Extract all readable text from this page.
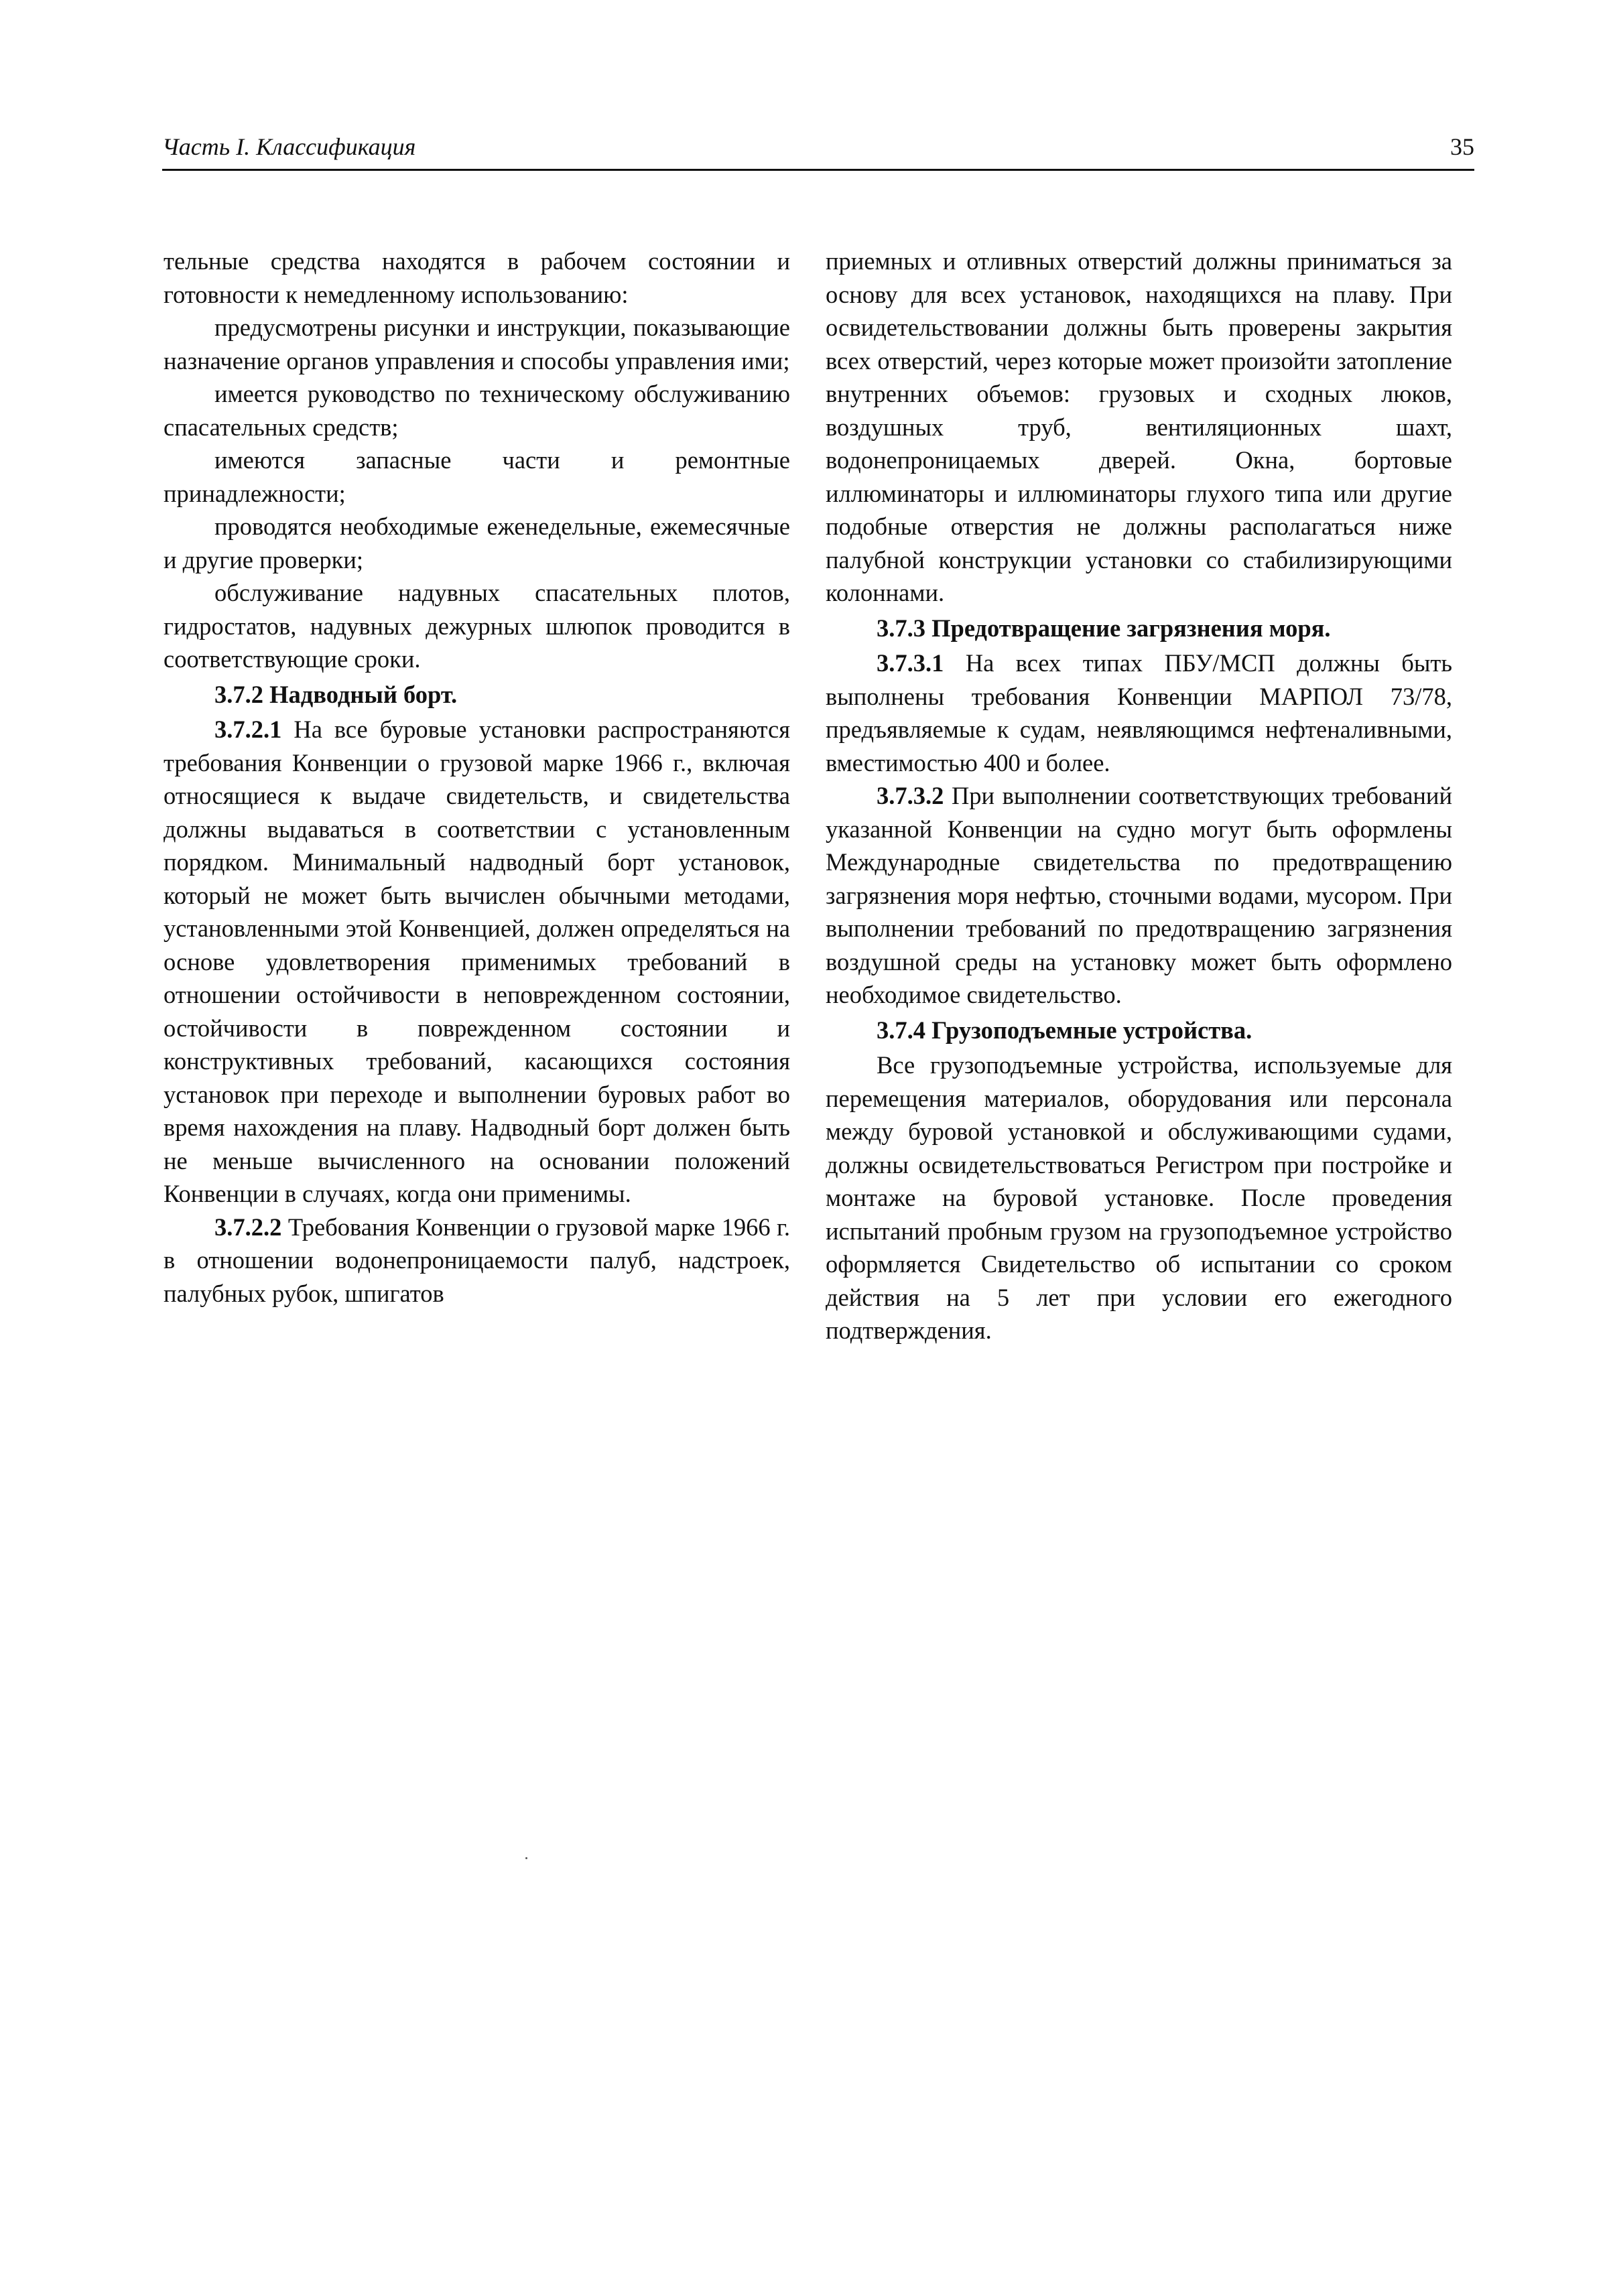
Часть I. Классификация	35

тельные средства находятся в рабочем состоянии и готовности к немедленному использованию:

предусмотрены рисунки и инструкции, показывающие назначение органов управления и способы управления ими;

имеется руководство по техническому обслуживанию спасательных средств;

имеются запасные части и ремонтные принадлежности;

проводятся необходимые еженедельные, ежемесячные и другие проверки;

обслуживание надувных спасательных плотов, гидростатов, надувных дежурных шлюпок проводится в соответствующие сроки.

3.7.2 Надводный борт.

3.7.2.1 На все буровые установки распространяются требования Конвенции о грузовой марке 1966 г., включая относящиеся к выдаче свидетельств, и свидетельства должны выдаваться в соответствии с установленным порядком. Минимальный надводный борт установок, который не может быть вычислен обычными методами, установленными этой Конвенцией, должен определяться на основе удовлетворения применимых требований в отношении остойчивости в неповрежденном состоянии, остойчивости в поврежденном состоянии и конструктивных требований, касающихся состояния установок при переходе и выполнении буровых работ во время нахождения на плаву. Надводный борт должен быть не меньше вычисленного на основании положений Конвенции в случаях, когда они применимы.

3.7.2.2 Требования Конвенции о грузовой марке 1966 г. в отношении водонепроницаемости палуб, надстроек, палубных рубок, шпигатов

приемных и отливных отверстий должны приниматься за основу для всех установок, находящихся на плаву. При освидетельствовании должны быть проверены закрытия всех отверстий, через которые может произойти затопление внутренних объемов: грузовых и сходных люков, воздушных труб, вентиляционных шахт, водонепроницаемых дверей. Окна, бортовые иллюминаторы и иллюминаторы глухого типа или другие подобные отверстия не должны располагаться ниже палубной конструкции установки со стабилизирующими колоннами.

3.7.3 Предотвращение загрязнения моря.

3.7.3.1 На всех типах ПБУ/МСП должны быть выполнены требования Конвенции МАРПОЛ 73/78, предъявляемые к судам, неявляющимся нефтеналивными, вместимостью 400 и более.

3.7.3.2 При выполнении соответствующих требований указанной Конвенции на судно могут быть оформлены Международные свидетельства по предотвращению загрязнения моря нефтью, сточными водами, мусором. При выполнении требований по предотвращению загрязнения воздушной среды на установку может быть оформлено необходимое свидетельство.

3.7.4 Грузоподъемные устройства.

Все грузоподъемные устройства, используемые для перемещения материалов, оборудования или персонала между буровой установкой и обслуживающими судами, должны освидетельствоваться Регистром при постройке и монтаже на буровой установке. После проведения испытаний пробным грузом на грузоподъемное устройство оформляется Свидетельство об испытании со сроком действия на 5 лет при условии его ежегодного подтверждения.
